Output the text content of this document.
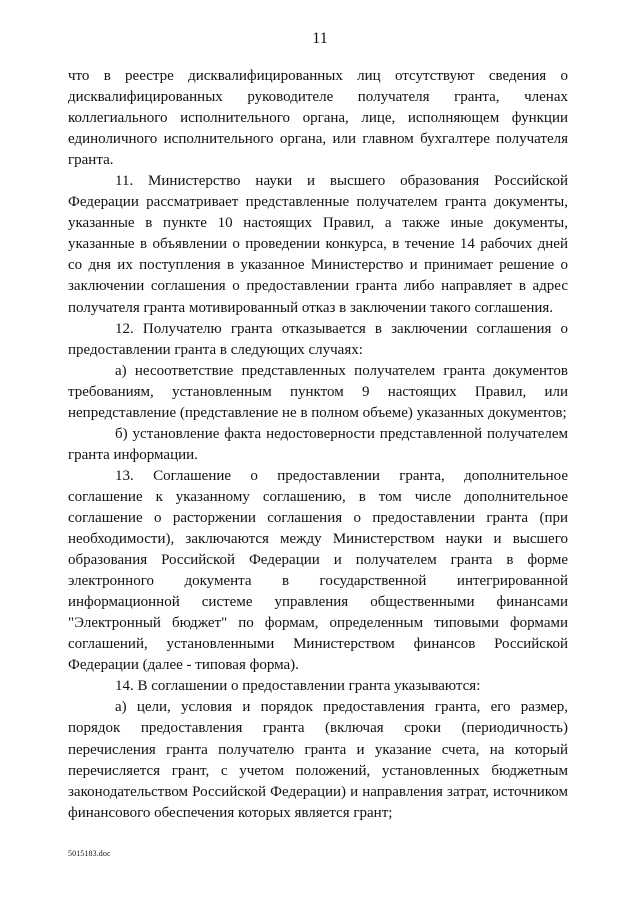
11

что в реестре дисквалифицированных лиц отсутствуют сведения о дисквалифицированных руководителе получателя гранта, членах коллегиального исполнительного органа, лице, исполняющем функции единоличного исполнительного органа, или главном бухгалтере получателя гранта.

11. Министерство науки и высшего образования Российской Федерации рассматривает представленные получателем гранта документы, указанные в пункте 10 настоящих Правил, а также иные документы, указанные в объявлении о проведении конкурса, в течение 14 рабочих дней со дня их поступления в указанное Министерство и принимает решение о заключении соглашения о предоставлении гранта либо направляет в адрес получателя гранта мотивированный отказ в заключении такого соглашения.

12. Получателю гранта отказывается в заключении соглашения о предоставлении гранта в следующих случаях:

а) несоответствие представленных получателем гранта документов требованиям, установленным пунктом 9 настоящих Правил, или непредставление (представление не в полном объеме) указанных документов;

б) установление факта недостоверности представленной получателем гранта информации.

13. Соглашение о предоставлении гранта, дополнительное соглашение к указанному соглашению, в том числе дополнительное соглашение о расторжении соглашения о предоставлении гранта (при необходимости), заключаются между Министерством науки и высшего образования Российской Федерации и получателем гранта в форме электронного документа в государственной интегрированной информационной системе управления общественными финансами "Электронный бюджет" по формам, определенным типовыми формами соглашений, установленными Министерством финансов Российской Федерации (далее - типовая форма).

14. В соглашении о предоставлении гранта указываются:

а) цели, условия и порядок предоставления гранта, его размер, порядок предоставления гранта (включая сроки (периодичность) перечисления гранта получателю гранта и указание счета, на который перечисляется грант, с учетом положений, установленных бюджетным законодательством Российской Федерации) и направления затрат, источником финансового обеспечения которых является грант;

5015183.doc
